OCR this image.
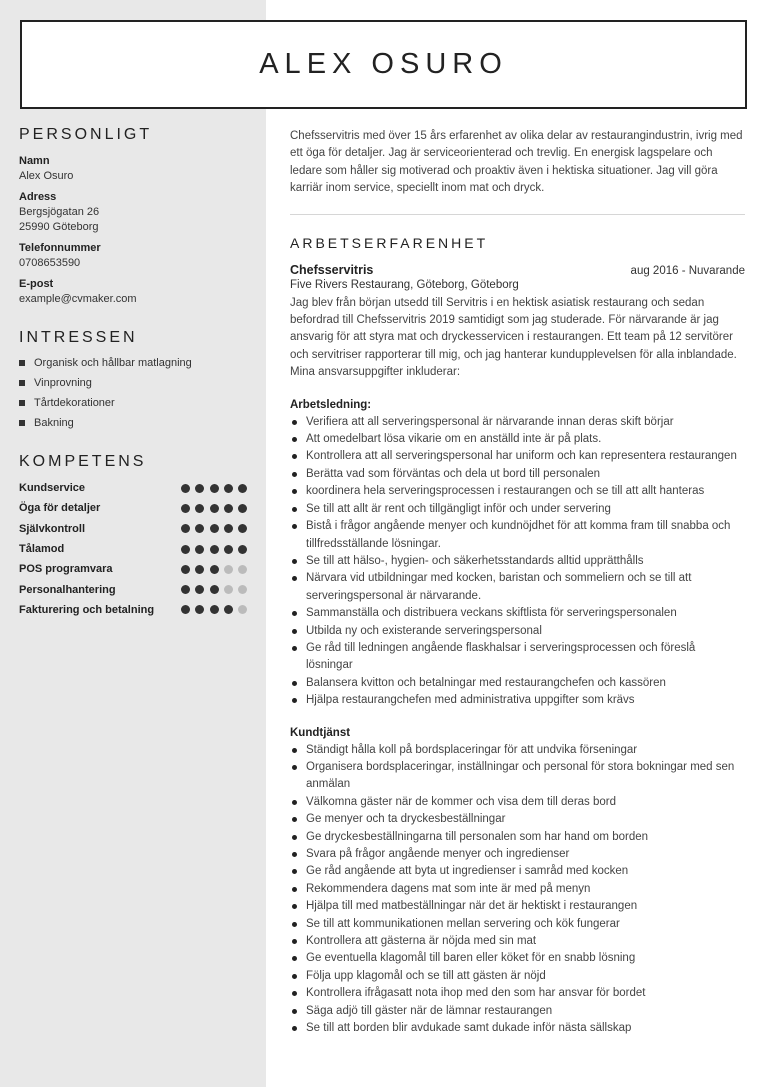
ALEX OSURO
PERSONLIGT
Namn
Alex Osuro
Adress
Bergsjögatan 26
25990 Göteborg
Telefonnummer
0708653590
E-post
example@cvmaker.com
INTRESSEN
Organisk och hållbar matlagning
Vinprovning
Tårtdekorationer
Bakning
KOMPETENS
Kundservice
Öga för detaljer
Självkontroll
Tålamod
POS programvara
Personalhantering
Fakturering och betalning

Chefsservitris med över 15 års erfarenhet av olika delar av restaurangindustrin, ivrig med ett öga för detaljer. Jag är serviceorienterad och trevlig. En energisk lagspelare och ledare som håller sig motiverad och proaktiv även i hektiska situationer. Jag vill göra karriär inom service, speciellt inom mat och dryck.

ARBETSERFARENHET
Chefsservitris	aug 2016 - Nuvarande
Five Rivers Restaurang, Göteborg, Göteborg

Jag blev från början utsedd till Servitris i en hektisk asiatisk restaurang och sedan befordrad till Chefsservitris 2019 samtidigt som jag studerade. För närvarande är jag ansvarig för att styra mat och dryckesservicen i restaurangen. Ett team på 12 servitörer och servitriser rapporterar till mig, och jag hanterar kundupplevelsen för alla inblandade. Mina ansvarsuppgifter inkluderar:

Arbetsledning:
Verifiera att all serveringspersonal är närvarande innan deras skift börjar
Att omedelbart lösa vikarie om en anställd inte är på plats.
Kontrollera att all serveringspersonal har uniform och kan representera restaurangen
Berätta vad som förväntas och dela ut bord till personalen
koordinera hela serveringsprocessen i restaurangen och se till att allt hanteras
Se till att allt är rent och tillgängligt inför och under servering
Bistå i frågor angående menyer och kundnöjdhet för att komma fram till snabba och tillfredsställande lösningar.
Se till att hälso-, hygien- och säkerhetsstandards alltid upprätthålls
Närvara vid utbildningar med kocken, baristan och sommeliern och se till att serveringspersonal är närvarande.
Sammanställa och distribuera veckans skiftlista för serveringspersonalen
Utbilda ny och existerande serveringspersonal
Ge råd till ledningen angående flaskhalsar i serveringsprocessen och föreslå lösningar
Balansera kvitton och betalningar med restaurangchefen och kassören
Hjälpa restaurangchefen med administrativa uppgifter som krävs
Kundtjänst
Ständigt hålla koll på bordsplaceringar för att undvika förseningar
Organisera bordsplaceringar, inställningar och personal för stora bokningar med sen anmälan
Välkomna gäster när de kommer och visa dem till deras bord
Ge menyer och ta dryckesbeställningar
Ge dryckesbeställningarna till personalen som har hand om borden
Svara på frågor angående menyer och ingredienser
Ge råd angående att byta ut ingredienser i samråd med kocken
Rekommendera dagens mat som inte är med på menyn
Hjälpa till med matbeställningar när det är hektiskt i restaurangen
Se till att kommunikationen mellan servering och kök fungerar
Kontrollera att gästerna är nöjda med sin mat
Ge eventuella klagomål till baren eller köket för en snabb lösning
Följa upp klagomål och se till att gästen är nöjd
Kontrollera ifrågasatt nota ihop med den som har ansvar för bordet
Säga adjö till gäster när de lämnar restaurangen
Se till att borden blir avdukade samt dukade inför nästa sällskap
